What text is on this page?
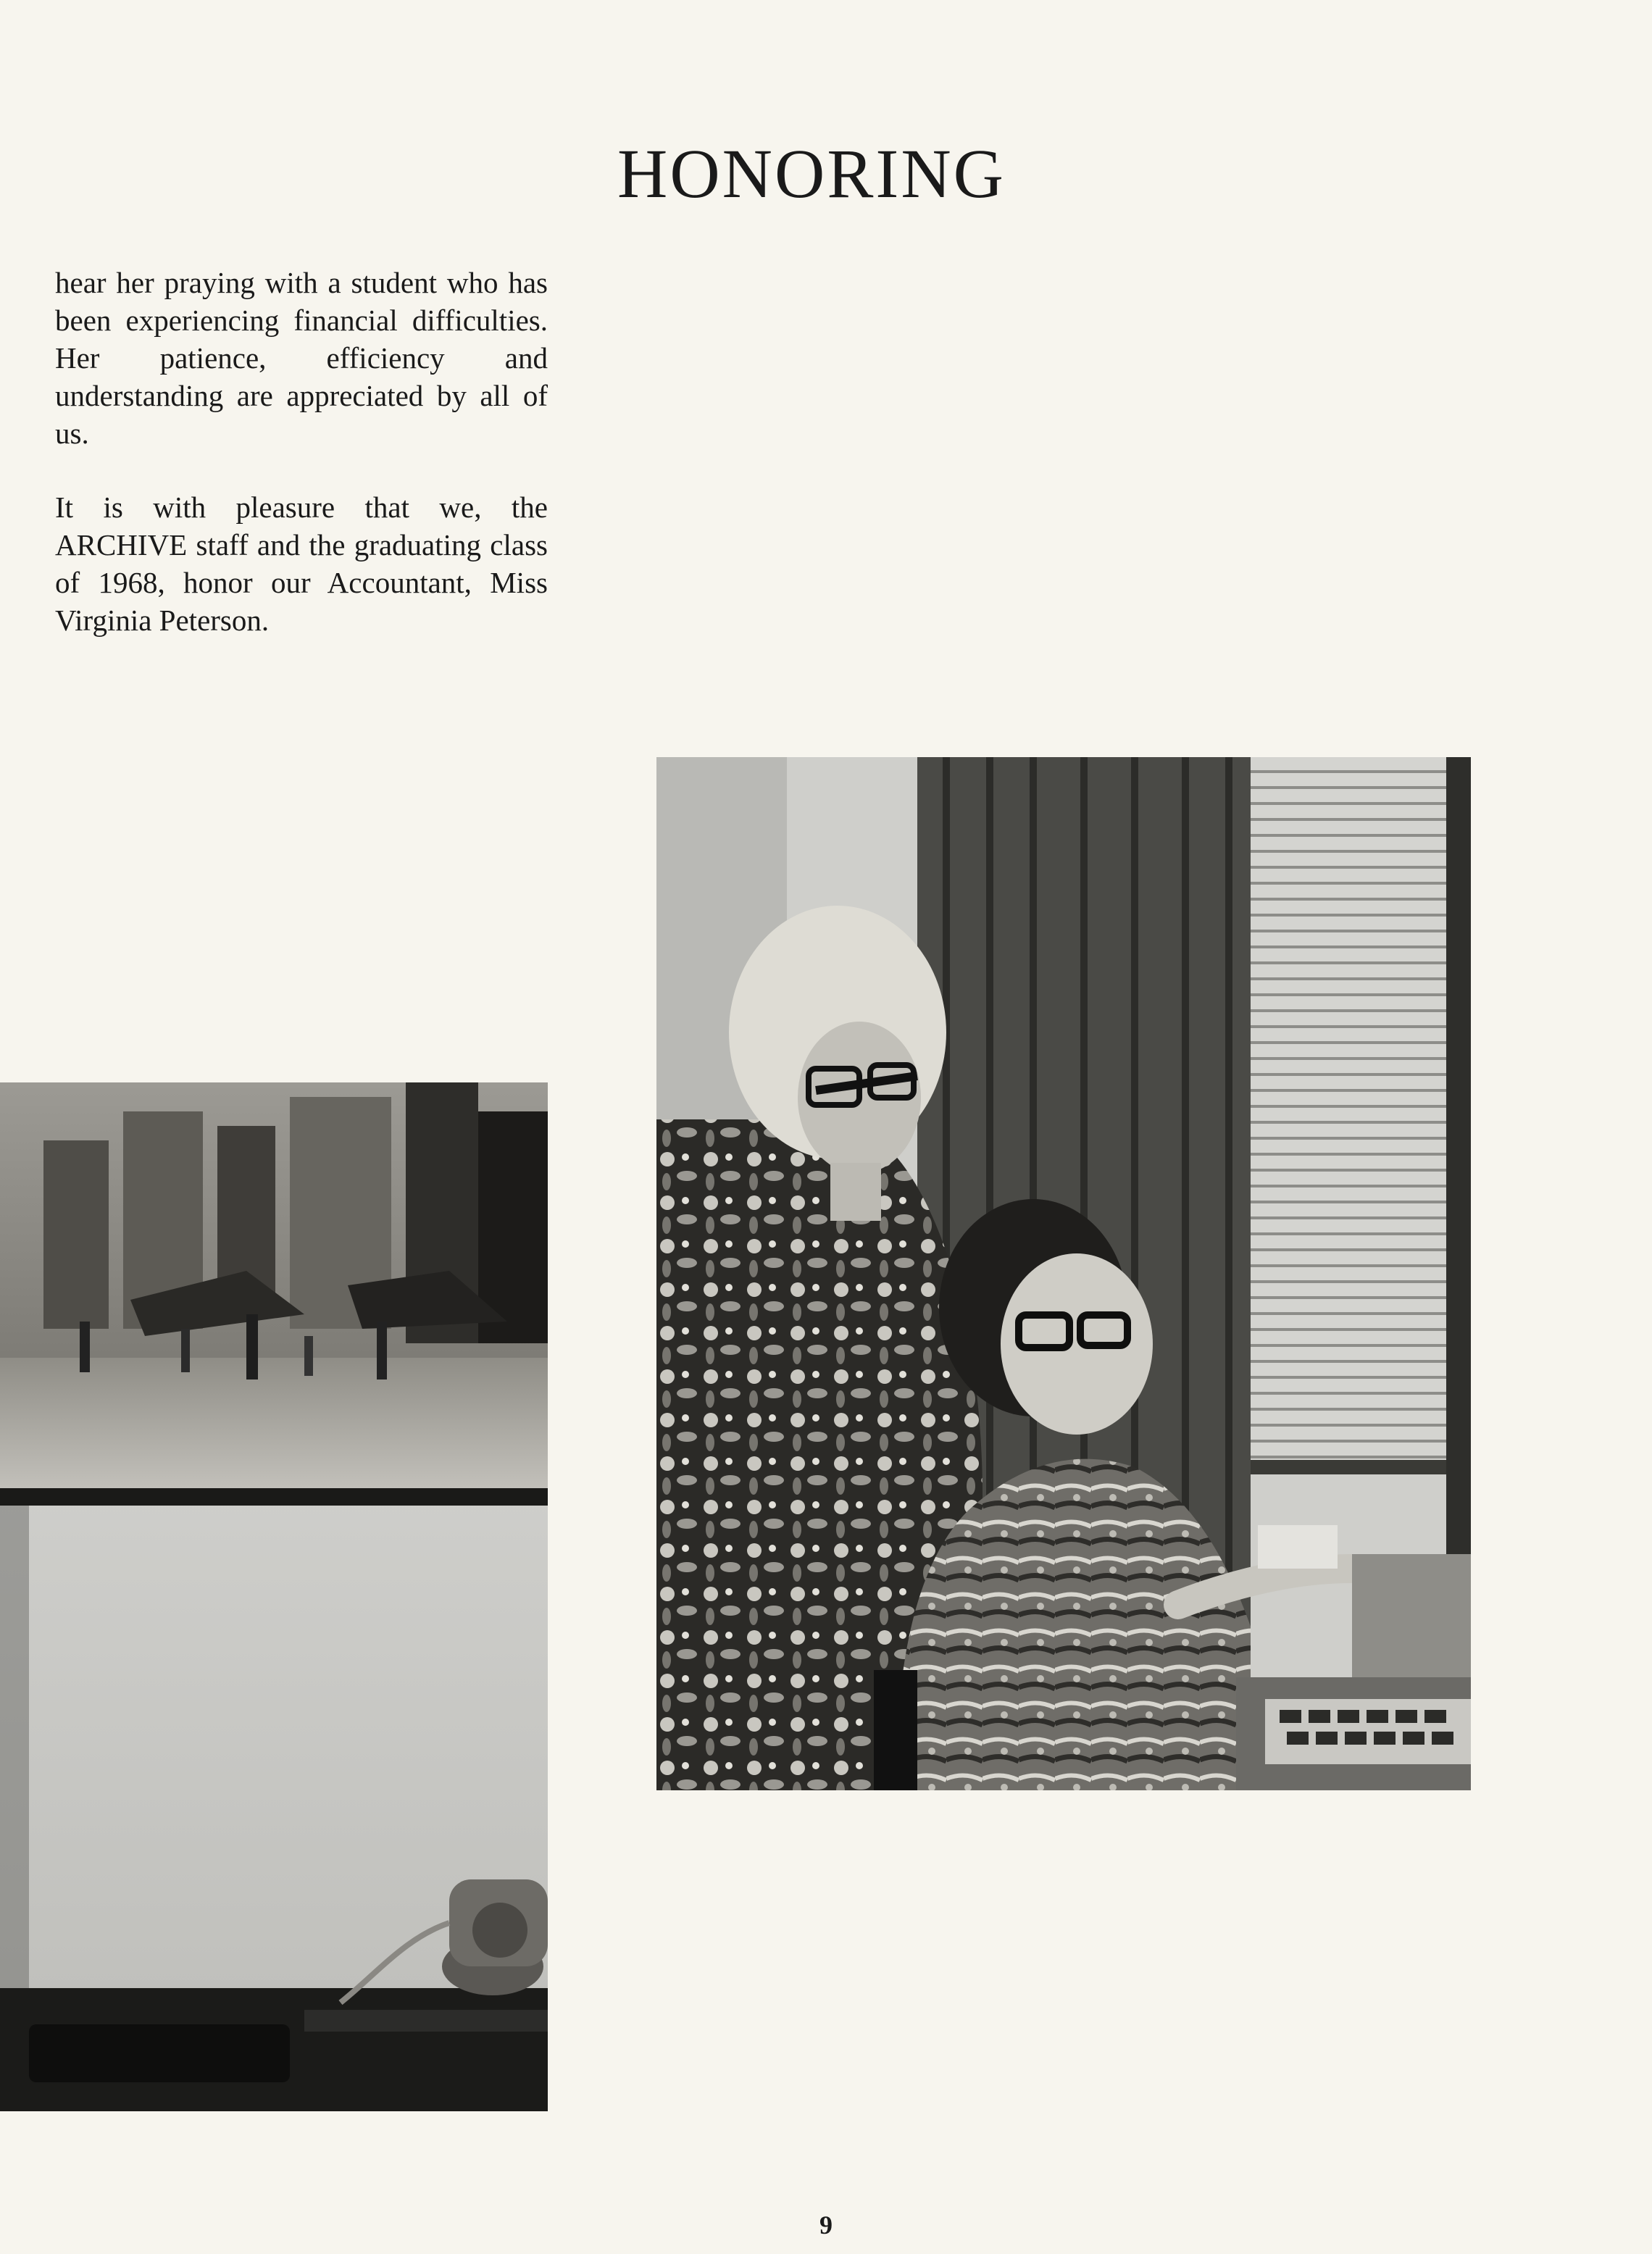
HONORING

hear her praying with a student who has been experiencing financial difficulties. Her patience, efficiency and understanding are appreciated by all of us.

It is with pleasure that we, the ARCHIVE staff and the graduating class of 1968, honor our Accountant, Miss Virginia Peterson.

9
